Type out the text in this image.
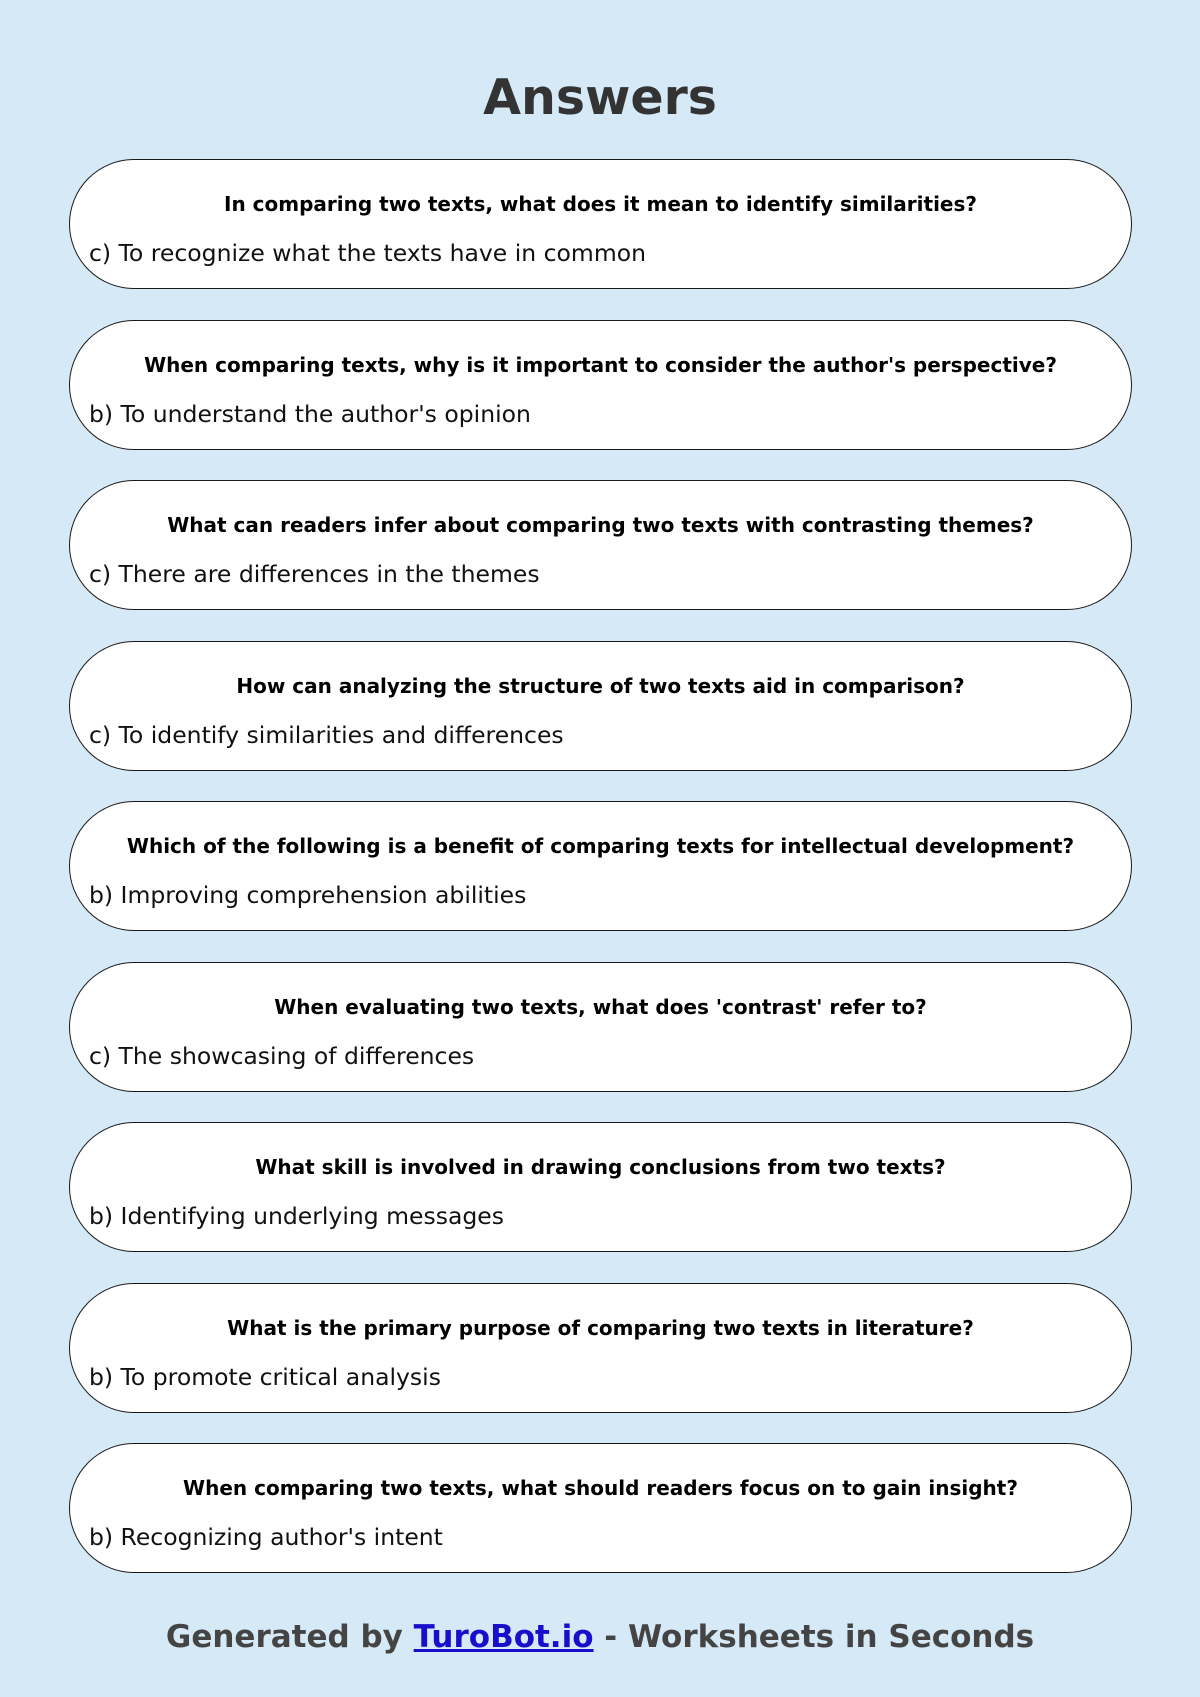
Answers
In comparing two texts, what does it mean to identify similarities?
c) To recognize what the texts have in common
When comparing texts, why is it important to consider the author's perspective?
b) To understand the author's opinion
What can readers infer about comparing two texts with contrasting themes?
c) There are differences in the themes
How can analyzing the structure of two texts aid in comparison?
c) To identify similarities and differences
Which of the following is a benefit of comparing texts for intellectual development?
b) Improving comprehension abilities
When evaluating two texts, what does 'contrast' refer to?
c) The showcasing of differences
What skill is involved in drawing conclusions from two texts?
b) Identifying underlying messages
What is the primary purpose of comparing two texts in literature?
b) To promote critical analysis
When comparing two texts, what should readers focus on to gain insight?
b) Recognizing author's intent
Generated by TuroBot.io - Worksheets in Seconds
